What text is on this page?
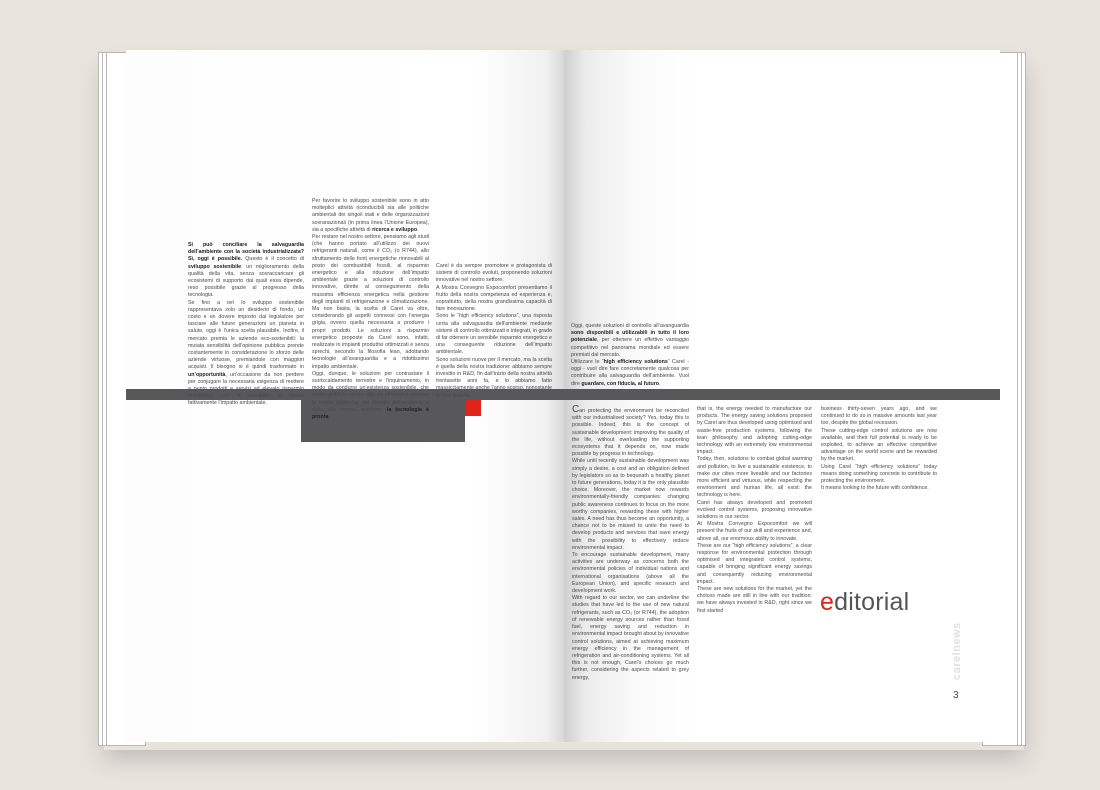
Si può conciliare la salvaguardia dell’ambiente con la società industrializzata? Sì, oggi è possibile. Questo è il concetto di sviluppo sostenibile: un miglioramento della qualità della vita, senza sovraccaricare gli ecosistemi di supporto dai quali essa dipende, reso possibile grazie al progresso della tecnologia.

Se fino a ieri lo sviluppo sostenibile rappresentava solo un desiderio di fondo, un costo e un dovere imposto dal legislatore per lasciare alle future generazioni un pianeta in salute, oggi è l’unica scelta plausibile. Inoltre, il mercato premia le aziende eco-sostenibili: la mutata sensibilità dell’opinione pubblica prende costantemente in considerazione lo sforzo delle aziende virtuose, premiandole con maggiori acquisti. Il bisogno si è quindi trasformato in un’opportunità, un’occasione da non perdere per conjugare la necessaria esigenza di mettere a punto prodotti e servizi ad elevato risparmio energetico, con la possibilità di ridurre fattivamente l’impatto ambientale.

Per favorire lo sviluppo sostenibile sono in atto molteplici attività riconducibili sia alle politiche ambientali dei singoli stati e delle organizzazioni sovranazionali (in prima linea l’Unione Europea), sia a specifiche attività di ricerca e sviluppo.

Per restare nel nostro settore, pensiamo agli studi (che hanno portato all’utilizzo dei nuovi refrigeranti naturali, come il CO₂ (o R744), allo sfruttamento delle fonti energetiche rinnovabili al posto dei combustibili fossili, al risparmio energetico e alla riduzione dell’impatto ambientale grazie a soluzioni di controllo innovative, dirette al conseguimento della massima efficienza energetica nella gestione degli impianti di refrigerazione e climatizzazione. Ma non basta, la scelta di Carel va oltre, considerando gli aspetti connessi con l’energia grigia, ovvero quella necessaria a produrre i propri prodotti. Le soluzioni a risparmio energetico proposte da Carel sono, infatti, realizzate in impianti produttivi ottimizzati e senza sprechi, secondo la filosofia lean, adottando tecnologie all’avanguardia e a ridottissimo impatto ambientale.

Oggi, dunque, le soluzioni per contrastare il surriscaldamento terrestre e l’inquinamento, in modo da condurre un’esistenza sostenibile, che renda vivibili le nostre città ed efficienti e virtuose le nostre fabbriche, nel rispetto dell’ambiente e della vita umana, esistono: la tecnologia è pronta.

Carel è da sempre promotore e protagonista di sistemi di controllo evoluti, proponendo soluzioni innovative nel nostro settore.

A Mostra Convegno Expocomfort presentiamo il frutto della nostra competenza ed esperienza e, soprattutto, della nostra grandissima capacità di fare innovazione.

Sono le “high efficiency solutions”, una risposta certa alla salvaguardia dell’ambiente mediante sistemi di controllo ottimizzati e integrati, in grado di far ottenere un sensibile risparmio energetico e una conseguente riduzione dell’impatto ambientale.

Sono soluzioni nuove per il mercato, ma la scelta è quella della nostra tradizione: abbiamo sempre investito in R&D, fin dall’inizio della nostra attività trentasette anni fa, e lo abbiamo fatto massicciamente anche l’anno scorso, nonostante la crisi globale.

Oggi, queste soluzioni di controllo all’avanguardia sono disponibili e utilizzabili in tutto il loro potenziale, per ottenere un effettivo vantaggio competitivo nel panorama mondiale ed essere premiati dal mercato.

Utilizzare le “high efficiency solutions” Carel - oggi - vuol dire fare concretamente qualcosa per contribuire alla salvaguardia dell’ambiente. Vuol dire guardare, con fiducia, al futuro.

Can protecting the environment be reconciled with our industrialised society? Yes, today this is possible. Indeed, this is the concept of sustainable development: improving the quality of the life, without overloading the supporting ecosystems that it depends on, now made possible by progress in technology.

While until recently sustainable development was simply a desire, a cost and an obligation defined by legislators so as to bequeath a healthy planet to future generations, today it is the only plausible choice. Moreover, the market now rewards environmentally-friendly companies: changing public awareness continues to focus on the more worthy companies, rewarding these with higher sales. A need has thus become an opportunity, a chance not to be missed to unite the need to develop products and services that save energy with the possibility to effectively reduce environmental impact.

To encourage sustainable development, many activities are underway as concerns both the environmental policies of individual nations and international organisations (above all the European Union), and specific research and development work.

With regard to our sector, we can underline the studies that have led to the use of new natural refrigerants, such as CO₂ (or R744), the adoption of renewable energy sources rather than fossil fuel, energy saving and reduction in environmental impact brought about by innovative control solutions, aimed at achieving maximum energy efficiency in the management of refrigeration and air-conditioning systems. Yet all this is not enough, Carel’s choices go much further, considering the aspects related to grey energy,

that is, the energy needed to manufacture our products. The energy saving solutions proposed by Carel are thus developed using optimised and waste-free production systems, following the lean philosophy and adopting cutting-edge technology with an extremely low environmental impact.

Today, then, solutions to combat global warming and pollution, to live a sustainable existence, to make our cities more liveable and our factories more efficient and virtuous, while respecting the environment and human life, all exist: the technology is here.

Carel has always developed and promoted evolved control systems, proposing innovative solutions in our sector.

At Mostra Convegno Expocomfort we will present the fruits of our skill and experience and, above all, our enormous ability to innovate.

These are our “high efficiency solutions”, a clear response for environmental protection through optimised and integrated control systems, capable of bringing significant energy savings and consequently reducing environmental impact.

These are new solutions for the market, yet the choices made are still in line with our tradition: we have always invested in R&D, right since we first started

business thirty-seven years ago, and we continued to do so in massive amounts last year too, despite the global recession.

These cutting-edge control solutions are now available, and their full potential is ready to be exploited, to achieve an effective competitive advantage on the world scene and be rewarded by the market.

Using Carel “high efficiency solutions” today means doing something concrete to contribute to protecting the environment.

It means looking to the future with confidence.

editorial
carelnews
3
